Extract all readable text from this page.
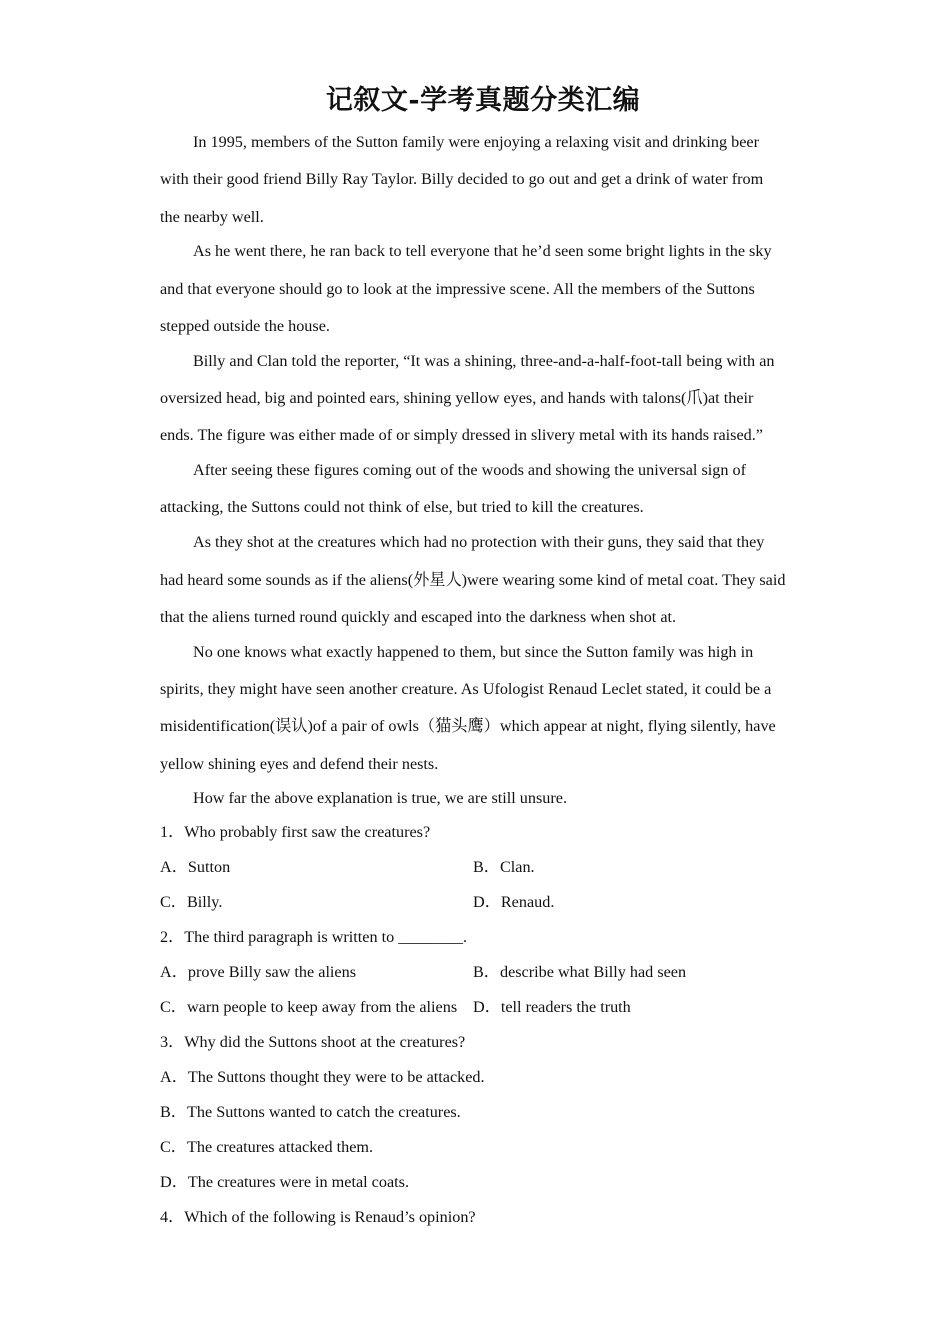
记叙文-学考真题分类汇编

In 1995, members of the Sutton family were enjoying a relaxing visit and drinking beer with their good friend Billy Ray Taylor. Billy decided to go out and get a drink of water from the nearby well.

As he went there, he ran back to tell everyone that he’d seen some bright lights in the sky and that everyone should go to look at the impressive scene. All the members of the Suttons stepped outside the house.

Billy and Clan told the reporter, “It was a shining, three-and-a-half-foot-tall being with an oversized head, big and pointed ears, shining yellow eyes, and hands with talons(爪)at their ends. The figure was either made of or simply dressed in slivery metal with its hands raised.”

After seeing these figures coming out of the woods and showing the universal sign of attacking, the Suttons could not think of else, but tried to kill the creatures.

As they shot at the creatures which had no protection with their guns, they said that they had heard some sounds as if the aliens(外星人)were wearing some kind of metal coat. They said that the aliens turned round quickly and escaped into the darkness when shot at.

No one knows what exactly happened to them, but since the Sutton family was high in spirits, they might have seen another creature. As Ufologist Renaud Leclet stated, it could be a misidentification(误认)of a pair of owls（猫头鹰）which appear at night, flying silently, have yellow shining eyes and defend their nests.

How far the above explanation is true, we are still unsure.

1．Who probably first saw the creatures?
A．Sutton	B．Clan.
C．Billy.	D．Renaud.
2．The third paragraph is written to ________.
A．prove Billy saw the aliens	B．describe what Billy had seen
C．warn people to keep away from the aliens D．tell readers the truth
3．Why did the Suttons shoot at the creatures?
A．The Suttons thought they were to be attacked.
B．The Suttons wanted to catch the creatures.
C．The creatures attacked them.
D．The creatures were in metal coats.
4．Which of the following is Renaud’s opinion?
